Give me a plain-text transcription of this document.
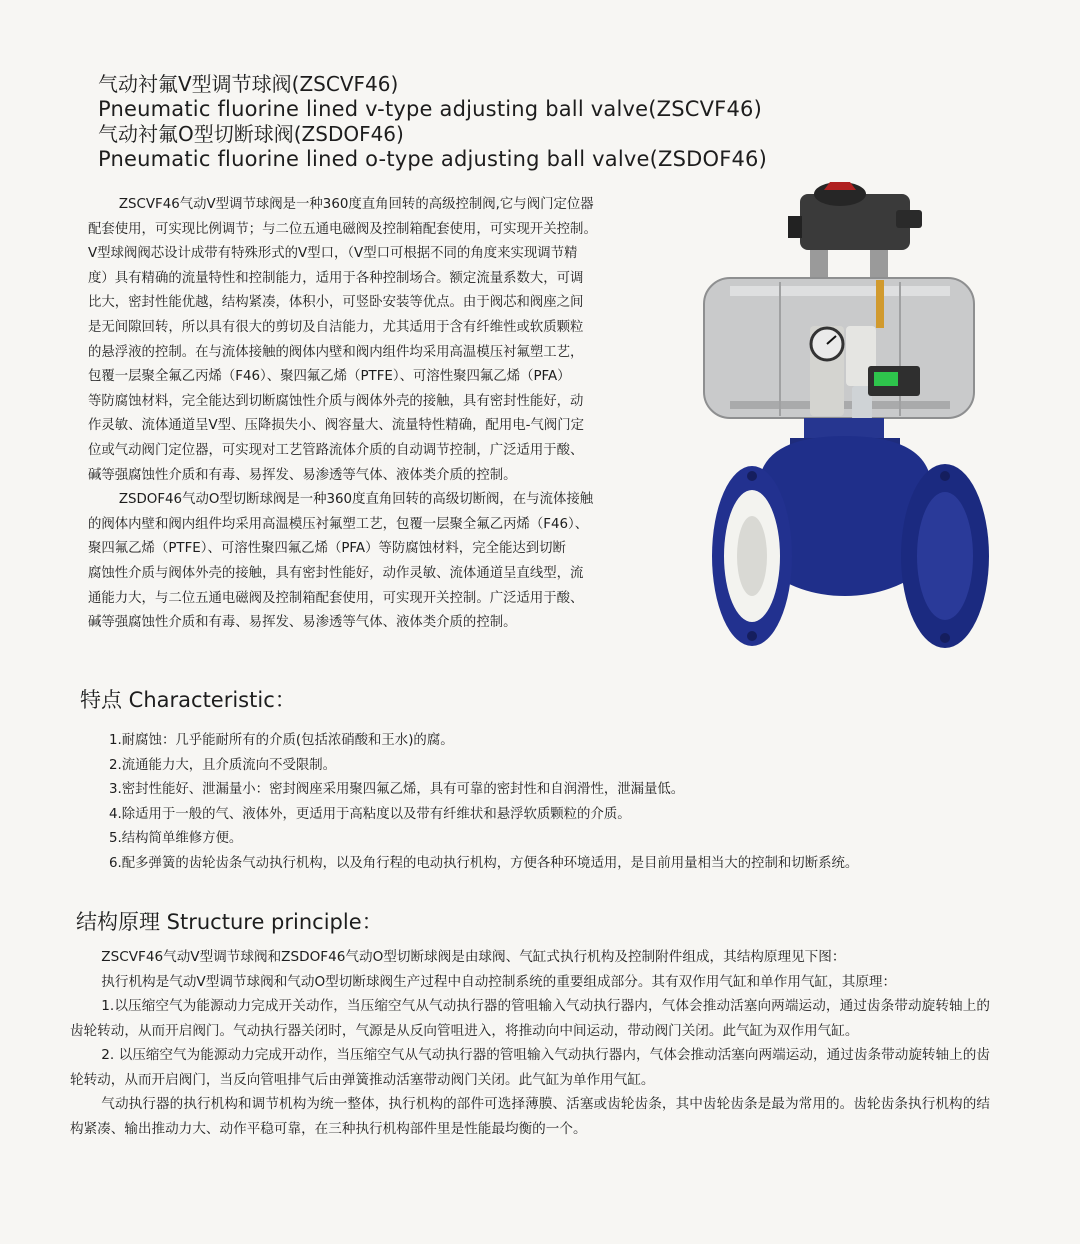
气动衬氟V型调节球阀(ZSCVF46)
Pneumatic fluorine lined v-type adjusting ball valve(ZSCVF46)
气动衬氟O型切断球阀(ZSDOF46)
Pneumatic fluorine lined o-type adjusting ball valve(ZSDOF46)

ZSCVF46气动V型调节球阀是一种360度直角回转的高级控制阀,它与阀门定位器
配套使用，可实现比例调节；与二位五通电磁阀及控制箱配套使用，可实现开关控制。
V型球阀阀芯设计成带有特殊形式的V型口，（V型口可根据不同的角度来实现调节精
度）具有精确的流量特性和控制能力，适用于各种控制场合。额定流量系数大，可调
比大，密封性能优越，结构紧凑，体积小，可竖卧安装等优点。由于阀芯和阀座之间
是无间隙回转，所以具有很大的剪切及自洁能力，尤其适用于含有纤维性或软质颗粒
的悬浮液的控制。在与流体接触的阀体内壁和阀内组件均采用高温模压衬氟塑工艺，
包覆一层聚全氟乙丙烯（F46）、聚四氟乙烯（PTFE）、可溶性聚四氟乙烯（PFA）
等防腐蚀材料，完全能达到切断腐蚀性介质与阀体外壳的接触，具有密封性能好，动
作灵敏、流体通道呈V型、压降损失小、阀容量大、流量特性精确，配用电-气阀门定
位或气动阀门定位器，可实现对工艺管路流体介质的自动调节控制，广泛适用于酸、
碱等强腐蚀性介质和有毒、易挥发、易渗透等气体、液体类介质的控制。

ZSDOF46气动O型切断球阀是一种360度直角回转的高级切断阀，在与流体接触
的阀体内壁和阀内组件均采用高温模压衬氟塑工艺，包覆一层聚全氟乙丙烯（F46）、
聚四氟乙烯（PTFE）、可溶性聚四氟乙烯（PFA）等防腐蚀材料，完全能达到切断
腐蚀性介质与阀体外壳的接触，具有密封性能好，动作灵敏、流体通道呈直线型，流
通能力大，与二位五通电磁阀及控制箱配套使用，可实现开关控制。广泛适用于酸、
碱等强腐蚀性介质和有毒、易挥发、易渗透等气体、液体类介质的控制。

特点 Characteristic：
1.耐腐蚀：几乎能耐所有的介质(包括浓硝酸和王水)的腐。
2.流通能力大，且介质流向不受限制。
3.密封性能好、泄漏量小：密封阀座采用聚四氟乙烯，具有可靠的密封性和自润滑性，泄漏量低。
4.除适用于一般的气、液体外，更适用于高粘度以及带有纤维状和悬浮软质颗粒的介质。
5.结构简单维修方便。
6.配多弹簧的齿轮齿条气动执行机构，以及角行程的电动执行机构，方便各种环境适用，是目前用量相当大的控制和切断系统。
结构原理 Structure principle：

ZSCVF46气动V型调节球阀和ZSDOF46气动O型切断球阀是由球阀、气缸式执行机构及控制附件组成，其结构原理见下图：

执行机构是气动V型调节球阀和气动O型切断球阀生产过程中自动控制系统的重要组成部分。其有双作用气缸和单作用气缸，其原理：

1.以压缩空气为能源动力完成开关动作，当压缩空气从气动执行器的管咀输入气动执行器内，气体会推动活塞向两端运动，通过齿条带动旋转轴上的齿轮转动，从而开启阀门。气动执行器关闭时，气源是从反向管咀进入，将推动向中间运动，带动阀门关闭。此气缸为双作用气缸。

2. 以压缩空气为能源动力完成开动作，当压缩空气从气动执行器的管咀输入气动执行器内，气体会推动活塞向两端运动，通过齿条带动旋转轴上的齿轮转动，从而开启阀门，当反向管咀排气后由弹簧推动活塞带动阀门关闭。此气缸为单作用气缸。

气动执行器的执行机构和调节机构为统一整体，执行机构的部件可选择薄膜、活塞或齿轮齿条，其中齿轮齿条是最为常用的。齿轮齿条执行机构的结构紧凑、输出推动力大、动作平稳可靠，在三种执行机构部件里是性能最均衡的一个。
